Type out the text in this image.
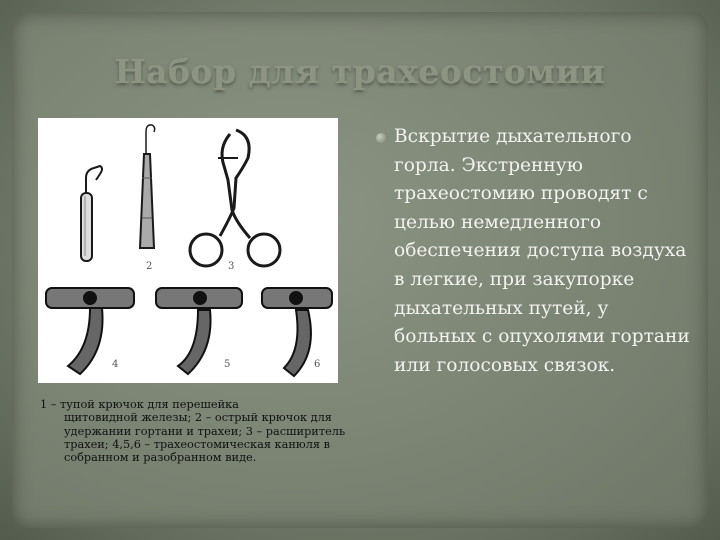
Набор для трахеостомии
2	3
4	5	6
1 – тупой крючок для перешейка
щитовидной железы; 2 – острый крючок для удержании гортани и трахеи; 3 – расширитель трахеи; 4,5,6 – трахеостомическая канюля в собранном и разобранном виде.
Вскрытие дыхательного горла. Экстренную трахеостомию проводят с целью немедленного обеспечения доступа воздуха в легкие, при закупорке дыхательных путей, у больных с опухолями гортани или голосовых связок.
